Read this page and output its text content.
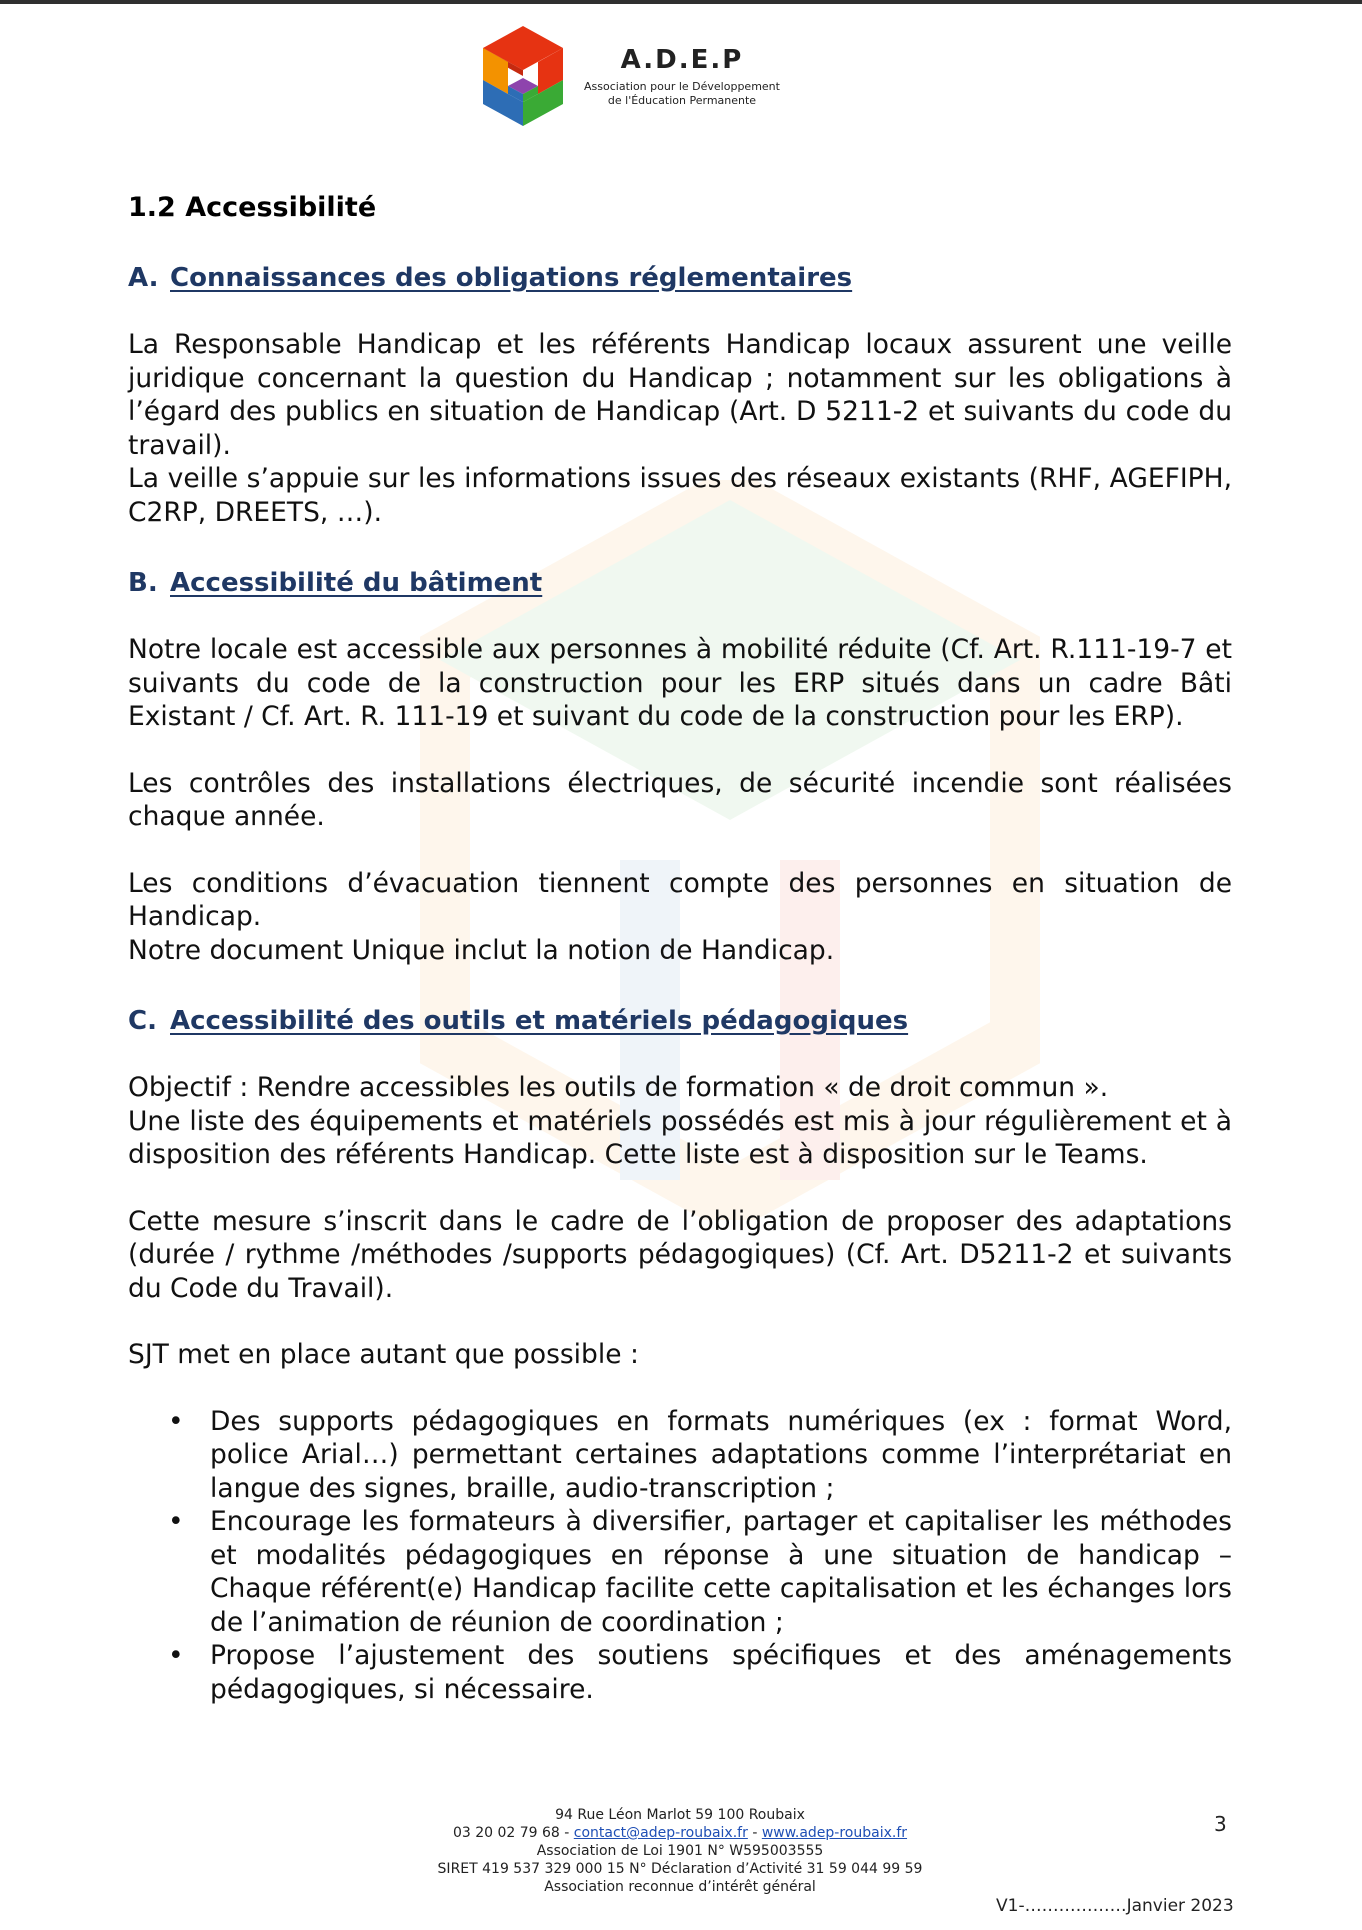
A.D.E.P
Association pour le Développement
de l'Éducation Permanente
1.2 Accessibilité
A. Connaissances des obligations réglementaires

La Responsable Handicap et les référents Handicap locaux assurent une veille juridique concernant la question du Handicap ; notamment sur les obligations à l’égard des publics en situation de Handicap (Art. D 5211-2 et suivants du code du travail).

La veille s’appuie sur les informations issues des réseaux existants (RHF, AGEFIPH, C2RP, DREETS, …).

B. Accessibilité du bâtiment

Notre locale est accessible aux personnes à mobilité réduite (Cf. Art. R.111-19-7 et suivants du code de la construction pour les ERP situés dans un cadre Bâti Existant / Cf. Art. R. 111-19 et suivant du code de la construction pour les ERP).

Les contrôles des installations électriques, de sécurité incendie sont réalisées chaque année.

Les conditions d’évacuation tiennent compte des personnes en situation de Handicap.

Notre document Unique inclut la notion de Handicap.

C. Accessibilité des outils et matériels pédagogiques

Objectif : Rendre accessibles les outils de formation « de droit commun ».

Une liste des équipements et matériels possédés est mis à jour régulièrement et à disposition des référents Handicap. Cette liste est à disposition sur le Teams.

Cette mesure s’inscrit dans le cadre de l’obligation de proposer des adaptations (durée / rythme /méthodes /supports pédagogiques) (Cf. Art. D5211-2 et suivants du Code du Travail).

SJT met en place autant que possible :

• Des supports pédagogiques en formats numériques (ex : format Word, police Arial…) permettant certaines adaptations comme l’interprétariat en langue des signes, braille, audio-transcription ;
• Encourage les formateurs à diversifier, partager et capitaliser les méthodes et modalités pédagogiques en réponse à une situation de handicap – Chaque référent(e) Handicap facilite cette capitalisation et les échanges lors de l’animation de réunion de coordination ;
• Propose l’ajustement des soutiens spécifiques et des aménagements pédagogiques, si nécessaire.
94 Rue Léon Marlot 59 100 Roubaix
03 20 02 79 68 - contact@adep-roubaix.fr - www.adep-roubaix.fr
Association de Loi 1901 N° W595003555
SIRET 419 537 329 000 15 N° Déclaration d’Activité 31 59 044 99 59
Association reconnue d’intérêt général
3
V1-………………Janvier 2023
